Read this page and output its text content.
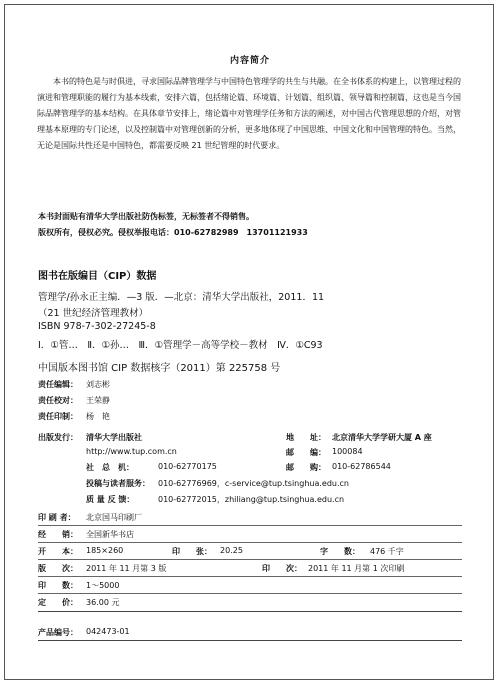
内容简介
本书的特色是与时俱进，寻求国际品牌管理学与中国特色管理学的共生与共融。在全书体系的构建上，以管理过程的演进和管理职能的履行为基本线索，安排六篇，包括绪论篇、环境篇、计划篇、组织篇、领导篇和控制篇，这也是当今国际品牌管理学的基本结构。在具体章节安排上，绪论篇中对管理学任务和方法的阐述，对中国古代管理思想的介绍，对管理基本原理的专门论述，以及控制篇中对管理创新的分析，更多地体现了中国思维、中国文化和中国管理的特色。当然，无论是国际共性还是中国特色，都需要反映 21 世纪管理的时代要求。
本书封面贴有清华大学出版社防伪标签，无标签者不得销售。
版权所有，侵权必究。侵权举报电话：010-62782989　13701121933
图书在版编目（CIP）数据
管理学/孙永正主编．—3 版．—北京：清华大学出版社，2011．11
（21 世纪经济管理教材）
ISBN 978-7-302-27245-8
Ⅰ．①管…　Ⅱ．①孙…　Ⅲ．①管理学－高等学校－教材　Ⅳ．①C93
中国版本图书馆 CIP 数据核字（2011）第 225758 号
责任编辑： 刘志彬
责任校对： 王荣静
责任印制： 杨　艳
出版发行： 清华大学出版社	地　　址： 北京清华大学学研大厦 A 座
http://www.tup.com.cn	邮　　编： 100084
社　总　机：	010-62770175	邮　　购： 010-62786544
投稿与读者服务： 010-62776969，c-service@tup.tsinghua.edu.cn
质 量 反 馈：	010-62772015，zhiliang@tup.tsinghua.edu.cn
印 刷 者： 北京国马印刷厂
经　　销： 全国新华书店
开　　本： 185×260	印　　张： 20.25	字　　数： 476 千字
版　　次： 2011 年 11 月第 3 版	印　　次： 2011 年 11 月第 1 次印刷
印　　数： 1～5000
定　　价： 36.00 元
产品编号： 042473-01
